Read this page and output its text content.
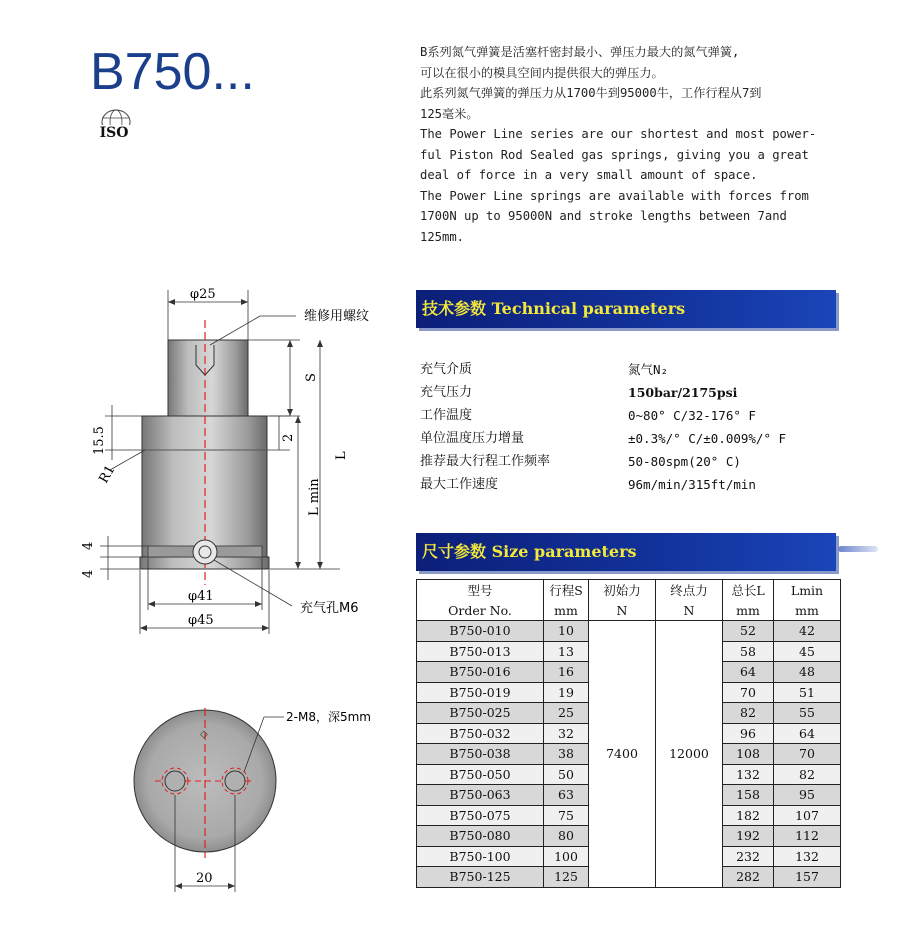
B750...
ISO
B系列氮气弹簧是活塞杆密封最小、弹压力最大的氮气弹簧,
可以在很小的模具空间内提供很大的弹压力。
此系列氮气弹簧的弹压力从1700牛到95000牛，工作行程从7到
125毫米。
The Power Line series are our shortest and most power-
ful Piston Rod Sealed gas springs, giving you a great
deal of force in a very small amount of space.
The Power Line springs are available with forces from
1700N up to 95000N and stroke lengths between 7and
125mm.
技术参数 Technical parameters
充气介质	氮气N₂
充气压力	150bar/2175psi
工作温度	0~80° C/32-176° F
单位温度压力增量	±0.3%/° C/±0.009%/° F
推荐最大行程工作频率	50-80spm(20° C)
最大工作速度	96m/min/315ft/min
尺寸参数 Size parameters
型号	行程S	初始力	终点力	总长L	Lmin
Order No.	mm	N	N	mm	mm
B750-010	10	7400	12000	52	42
B750-013	13			58	45
B750-016	16			64	48
B750-019	19			70	51
B750-025	25			82	55
B750-032	32			96	64
B750-038	38			108	70
B750-050	50			132	82
B750-063	63			158	95
B750-075	75			182	107
B750-080	80			192	112
B750-100	100			232	132
B750-125	125			282	157
φ25
维修用螺纹
S
15.5	2
R1
L
L min
4
4
φ41
φ45
充气孔M6
◇
2-M8，深5mm
20
